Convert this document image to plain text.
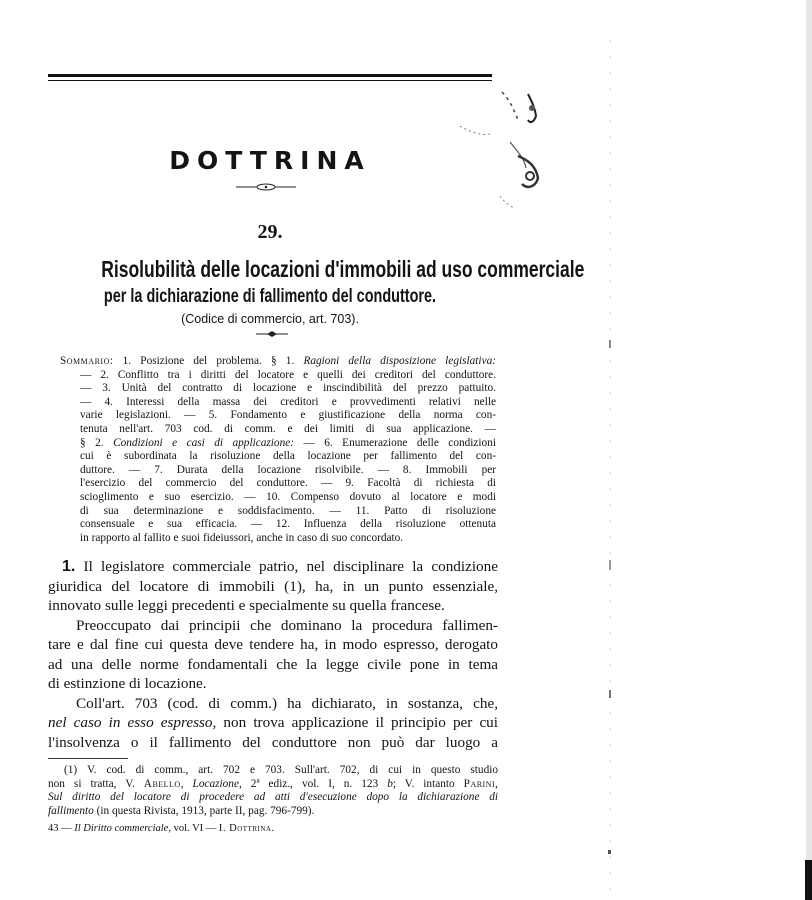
DOTTRINA
29.
Risolubilità delle locazioni d'immobili ad uso commerciale
per la dichiarazione di fallimento del conduttore.
(Codice di commercio, art. 703).
Sommario: 1. Posizione del problema. § 1. Ragioni della disposizione legislativa:
— 2. Conflitto tra i diritti del locatore e quelli dei creditori del conduttore.
— 3. Unità del contratto di locazione e inscindibilità del prezzo pattuito.
— 4. Interessi della massa dei creditori e provvedimenti relativi nelle
varie legislazioni. — 5. Fondamento e giustificazione della norma con-
tenuta nell'art. 703 cod. di comm. e dei limiti di sua applicazione. —
§ 2. Condizioni e casi di applicazione: — 6. Enumerazione delle condizioni
cui è subordinata la risoluzione della locazione per fallimento del con-
duttore. — 7. Durata della locazione risolvibile. — 8. Immobili per
l'esercizio del commercio del conduttore. — 9. Facoltà di richiesta di
scioglimento e suo esercizio. — 10. Compenso dovuto al locatore e modi
di sua determinazione e soddisfacimento. — 11. Patto di risoluzione
consensuale e sua efficacia. — 12. Influenza della risoluzione ottenuta
in rapporto al fallito e suoi fideiussori, anche in caso di suo concordato.
1. Il legislatore commerciale patrio, nel disciplinare la condizione
giuridica del locatore di immobili (1), ha, in un punto essenziale,
innovato sulle leggi precedenti e specialmente su quella francese.
Preoccupato dai principii che dominano la procedura fallimen-
tare e dal fine cui questa deve tendere ha, in modo espresso, derogato
ad una delle norme fondamentali che la legge civile pone in tema
di estinzione di locazione.
Coll'art. 703 (cod. di comm.) ha dichiarato, in sostanza, che,
nel caso in esso espresso, non trova applicazione il principio per cui
l'insolvenza o il fallimento del conduttore non può dar luogo a
(1) V. cod. di comm., art. 702 e 703. Sull'art. 702, di cui in questo studio
non si tratta, V. Abello, Locazione, 2ª ediz., vol. I, n. 123 b; V. intanto Parini,
Sul diritto del locatore di procedere ad atti d'esecuzione dopo la dichiarazione di
fallimento (in questa Rivista, 1913, parte II, pag. 796-799).
43 — Il Diritto commerciale, vol. VI — I. Dottrina.
